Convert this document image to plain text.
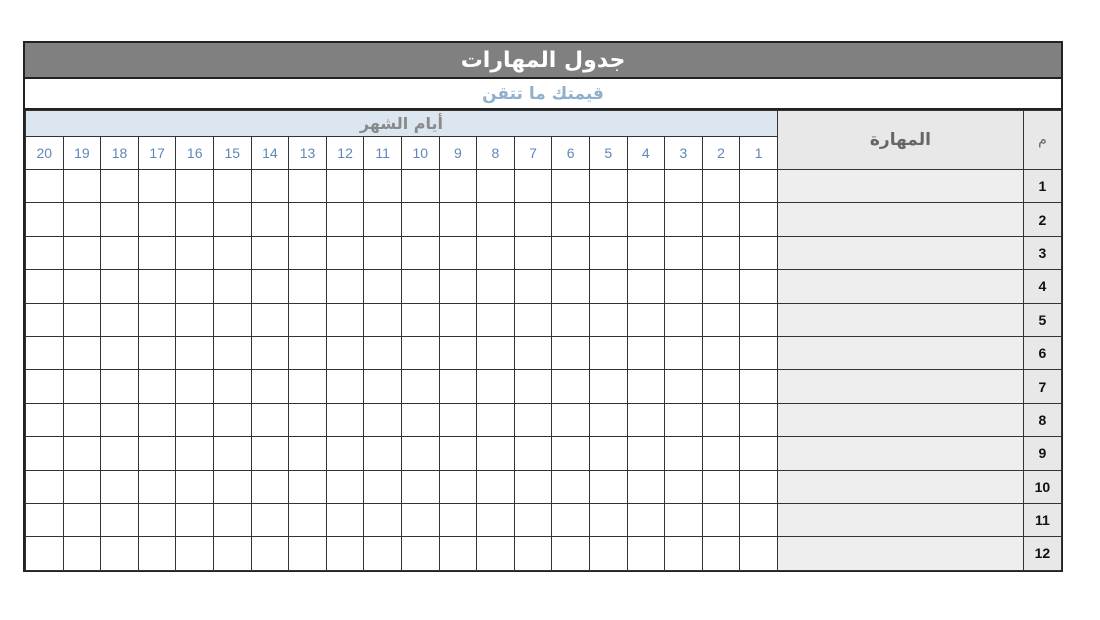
جدول المهارات
قيمتك ما تتقن
م	المهارة	أيام الشهر																			
		1	2	3	4	5	6	7	8	9	10	11	12	13	14	15	16	17	18	19	20
1																					
2																					
3																					
4																					
5																					
6																					
7																					
8																					
9																					
10																					
11																					
12																					
